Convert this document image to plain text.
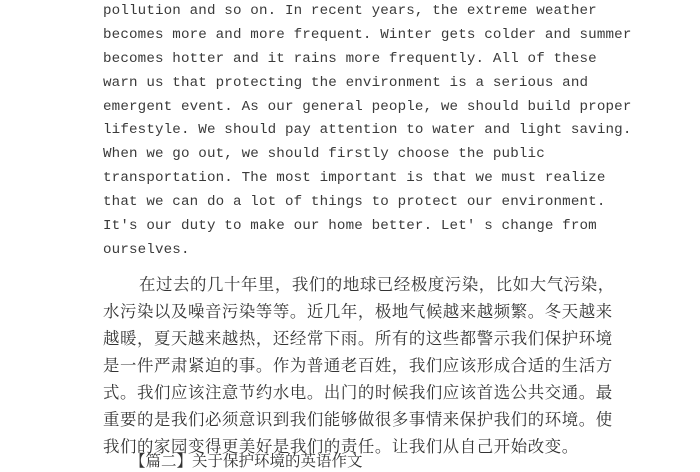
pollution and so on. In recent years, the extreme weather
becomes more and more frequent. Winter gets colder and summer
becomes hotter and it rains more frequently. All of these
warn us that protecting the environment is a serious and
emergent event. As our general people, we should build proper
lifestyle. We should pay attention to water and light saving.
When we go out, we should firstly choose the public
transportation. The most important is that we must realize
that we can do a lot of things to protect our environment.
It's our duty to make our home better. Let' s change from
ourselves.
在过去的几十年里，我们的地球已经极度污染，比如大气污染，
水污染以及噪音污染等等。近几年，极地气候越来越频繁。冬天越来
越暖，夏天越来越热，还经常下雨。所有的这些都警示我们保护环境
是一件严肃紧迫的事。作为普通老百姓，我们应该形成合适的生活方
式。我们应该注意节约水电。出门的时候我们应该首选公共交通。最
重要的是我们必须意识到我们能够做很多事情来保护我们的环境。使
我们的家园变得更美好是我们的责任。让我们从自己开始改变。
【篇二】关于保护环境的英语作文
